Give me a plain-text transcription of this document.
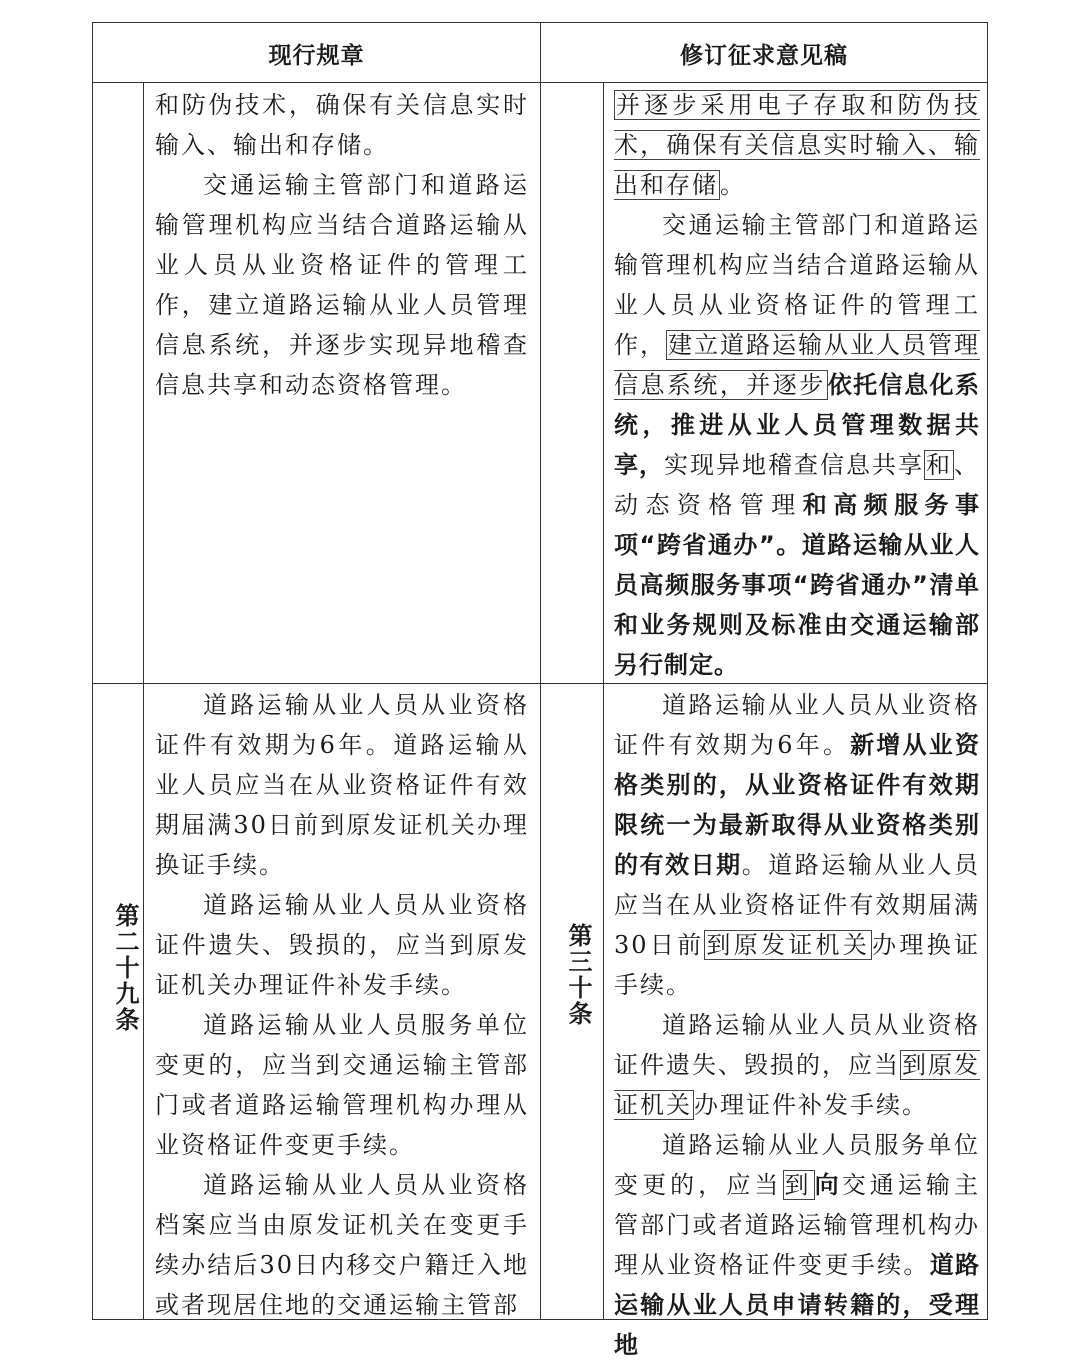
现行规章	修订征求意见稿

和防伪技术，确保有关信息实时输入、输出和存储。

交通运输主管部门和道路运输管理机构应当结合道路运输从业人员从业资格证件的管理工作，建立道路运输从业人员管理信息系统，并逐步实现异地稽查信息共享和动态资格管理。

并逐步采用电子存取和防伪技术，确保有关信息实时输入、输出和存储。

交通运输主管部门和道路运输管理机构应当结合道路运输从业人员从业资格证件的管理工作，建立道路运输从业人员管理信息系统，并逐步依托信息化系统，推进从业人员管理数据共享，实现异地稽查信息共享和、动态资格管理和高频服务事项“跨省通办”。道路运输从业人员高频服务事项“跨省通办”清单和业务规则及标准由交通运输部另行制定。

第二十九条	第三十条

道路运输从业人员从业资格证件有效期为6年。道路运输从业人员应当在从业资格证件有效期届满30日前到原发证机关办理换证手续。

道路运输从业人员从业资格证件遗失、毁损的，应当到原发证机关办理证件补发手续。

道路运输从业人员服务单位变更的，应当到交通运输主管部门或者道路运输管理机构办理从业资格证件变更手续。

道路运输从业人员从业资格档案应当由原发证机关在变更手续办结后30日内移交户籍迁入地或者现居住地的交通运输主管部

道路运输从业人员从业资格证件有效期为6年。新增从业资格类别的，从业资格证件有效期限统一为最新取得从业资格类别的有效日期。道路运输从业人员应当在从业资格证件有效期届满30日前到原发证机关办理换证手续。

道路运输从业人员从业资格证件遗失、毁损的，应当到原发证机关办理证件补发手续。

道路运输从业人员服务单位变更的，应当到向交通运输主管部门或者道路运输管理机构办理从业资格证件变更手续。道路运输从业人员申请转籍的，受理地
